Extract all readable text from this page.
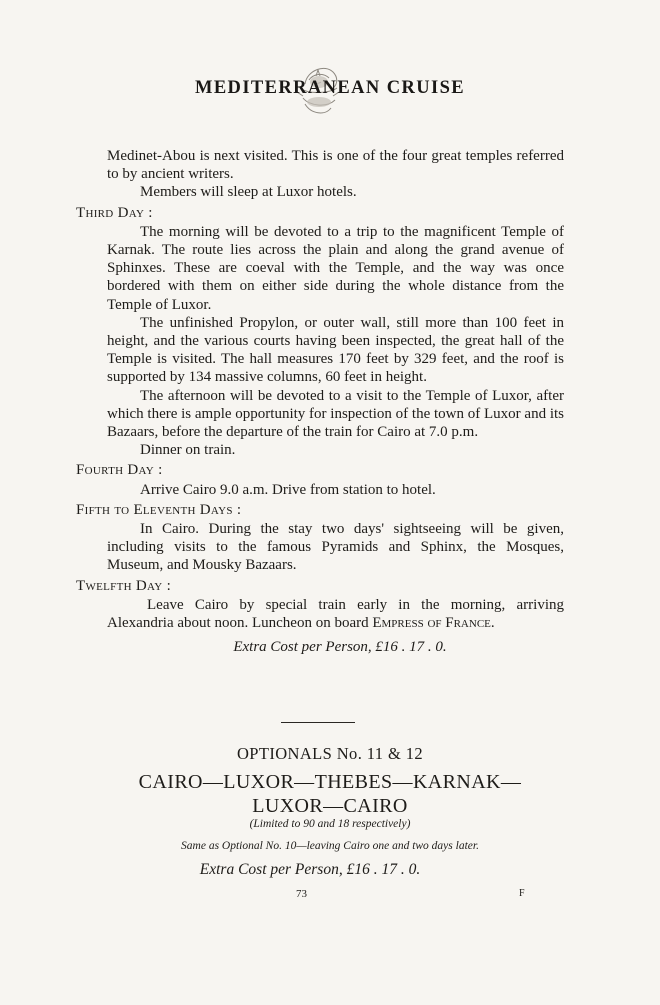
MEDITERRANEAN CRUISE

Medinet-Abou is next visited. This is one of the four great temples referred to by ancient writers.

Members will sleep at Luxor hotels.

Third Day :

The morning will be devoted to a trip to the magnificent Temple of Karnak. The route lies across the plain and along the grand avenue of Sphinxes. These are coeval with the Temple, and the way was once bordered with them on either side during the whole distance from the Temple of Luxor.

The unfinished Propylon, or outer wall, still more than 100 feet in height, and the various courts having been inspected, the great hall of the Temple is visited. The hall measures 170 feet by 329 feet, and the roof is supported by 134 massive columns, 60 feet in height.

The afternoon will be devoted to a visit to the Temple of Luxor, after which there is ample opportunity for inspection of the town of Luxor and its Bazaars, before the departure of the train for Cairo at 7.0 p.m.

Dinner on train.

Fourth Day :

Arrive Cairo 9.0 a.m. Drive from station to hotel.

Fifth to Eleventh Days :

In Cairo. During the stay two days' sightseeing will be given, including visits to the famous Pyramids and Sphinx, the Mosques, Museum, and Mousky Bazaars.

Twelfth Day :

Leave Cairo by special train early in the morning, arriving Alexandria about noon. Luncheon on board Empress of France.

Extra Cost per Person, £16 . 17 . 0.

OPTIONALS No. 11 & 12
CAIRO—LUXOR—THEBES—KARNAK—
LUXOR—CAIRO
(Limited to 90 and 18 respectively)
Same as Optional No. 10—leaving Cairo one and two days later.
Extra Cost per Person, £16 . 17 . 0.
73	F
